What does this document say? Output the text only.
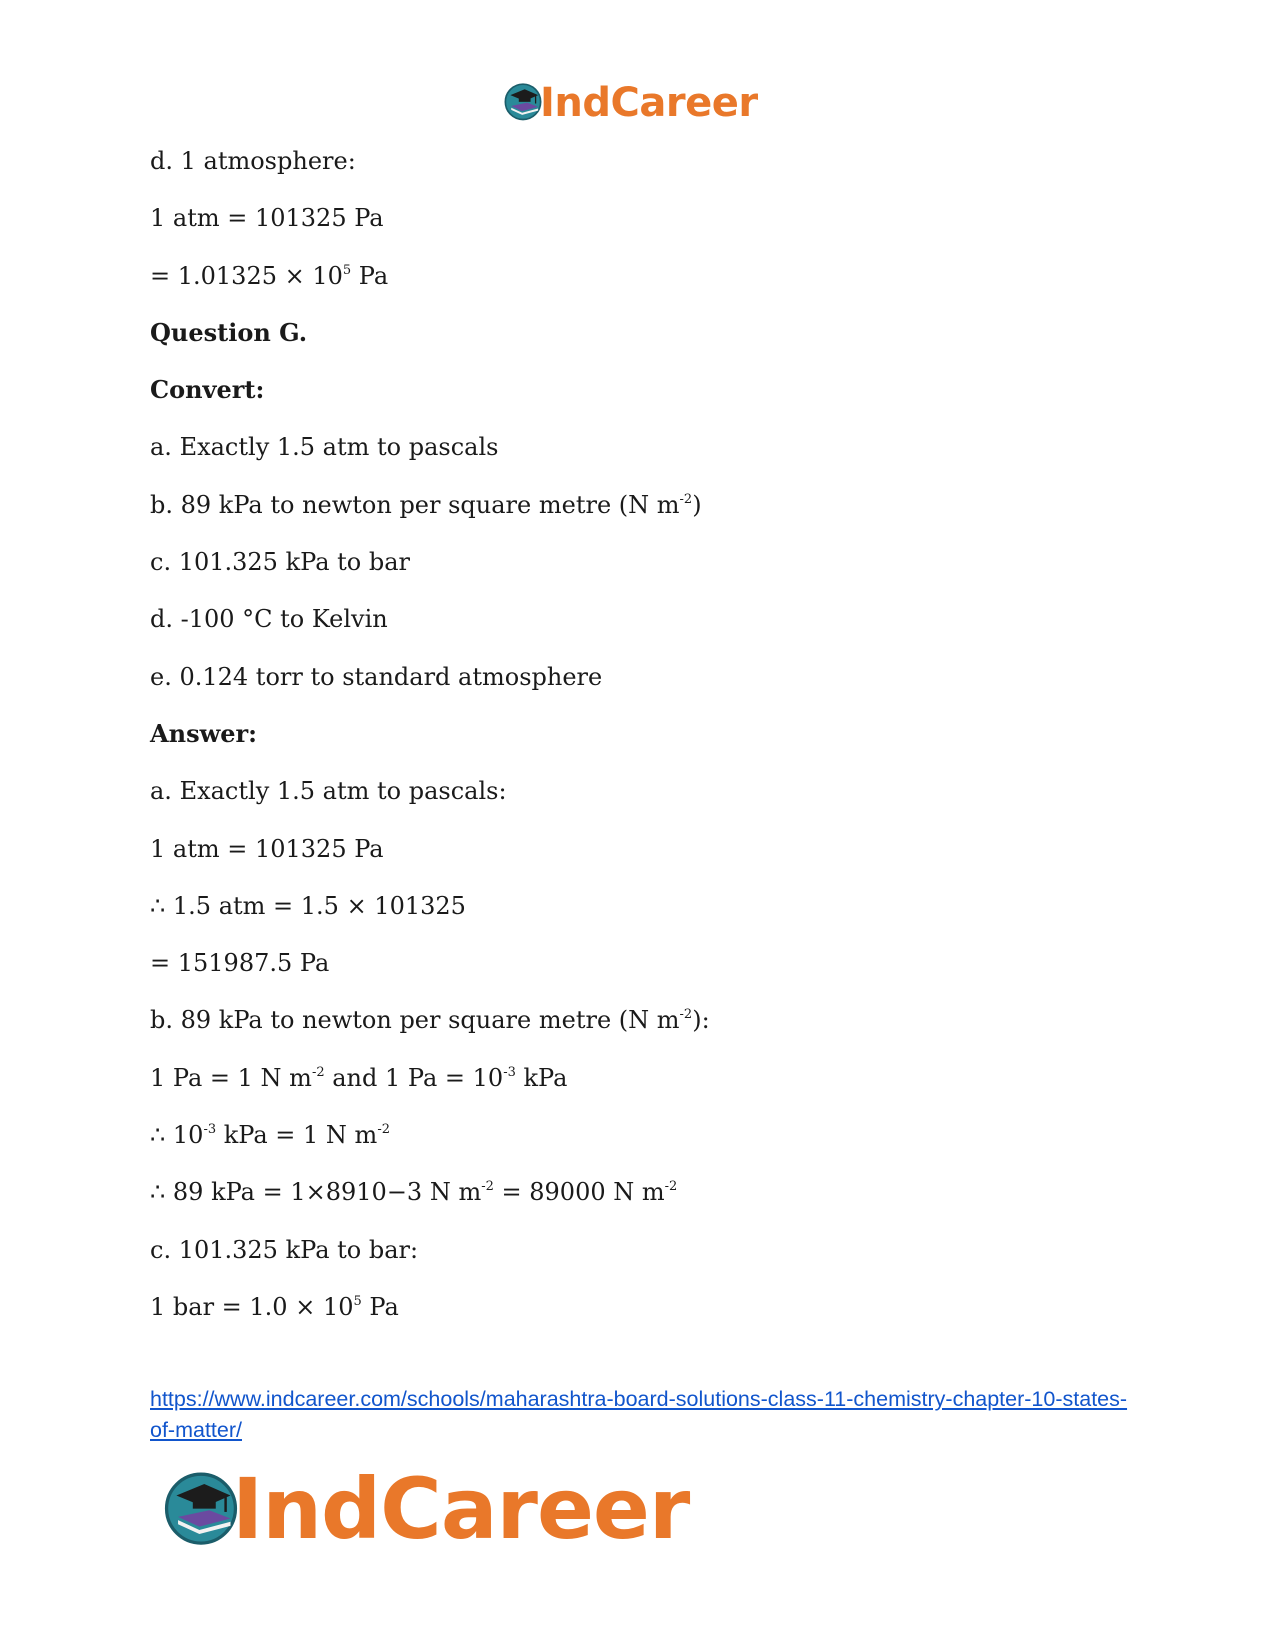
IndCareer
d. 1 atmosphere:
1 atm = 101325 Pa
= $1.01325 \times 10^5$ Pa
Question G.
Convert:
a. Exactly 1.5 atm to pascals
b. 89 kPa to newton per square metre (N $m^{-2}$)
c. 101.325 kPa to bar
d. -100 °C to Kelvin
e. 0.124 torr to standard atmosphere
Answer:
a. Exactly 1.5 atm to pascals:
1 atm = 101325 Pa
∴ 1.5 atm = 1.5 × 101325
= 151987.5 Pa
b. 89 kPa to newton per square metre (N $m^{-2}$):
1 Pa = 1 N $m^{-2}$ and 1 $Pa = 10^{-3}$ kPa
∴ $10^{-3}$ kPa = 1 N $m^{-2}$
∴ 89 kPa = 1×8910−3 N $m^{-2} = 89000$ N $m^{-2}$
c. 101.325 kPa to bar:
1 bar = $1.0 \times 10^5$ Pa
https://www.indcareer.com/schools/maharashtra-board-solutions-class-11-chemistry-chapter-10-states-of-matter/
IndCareer
